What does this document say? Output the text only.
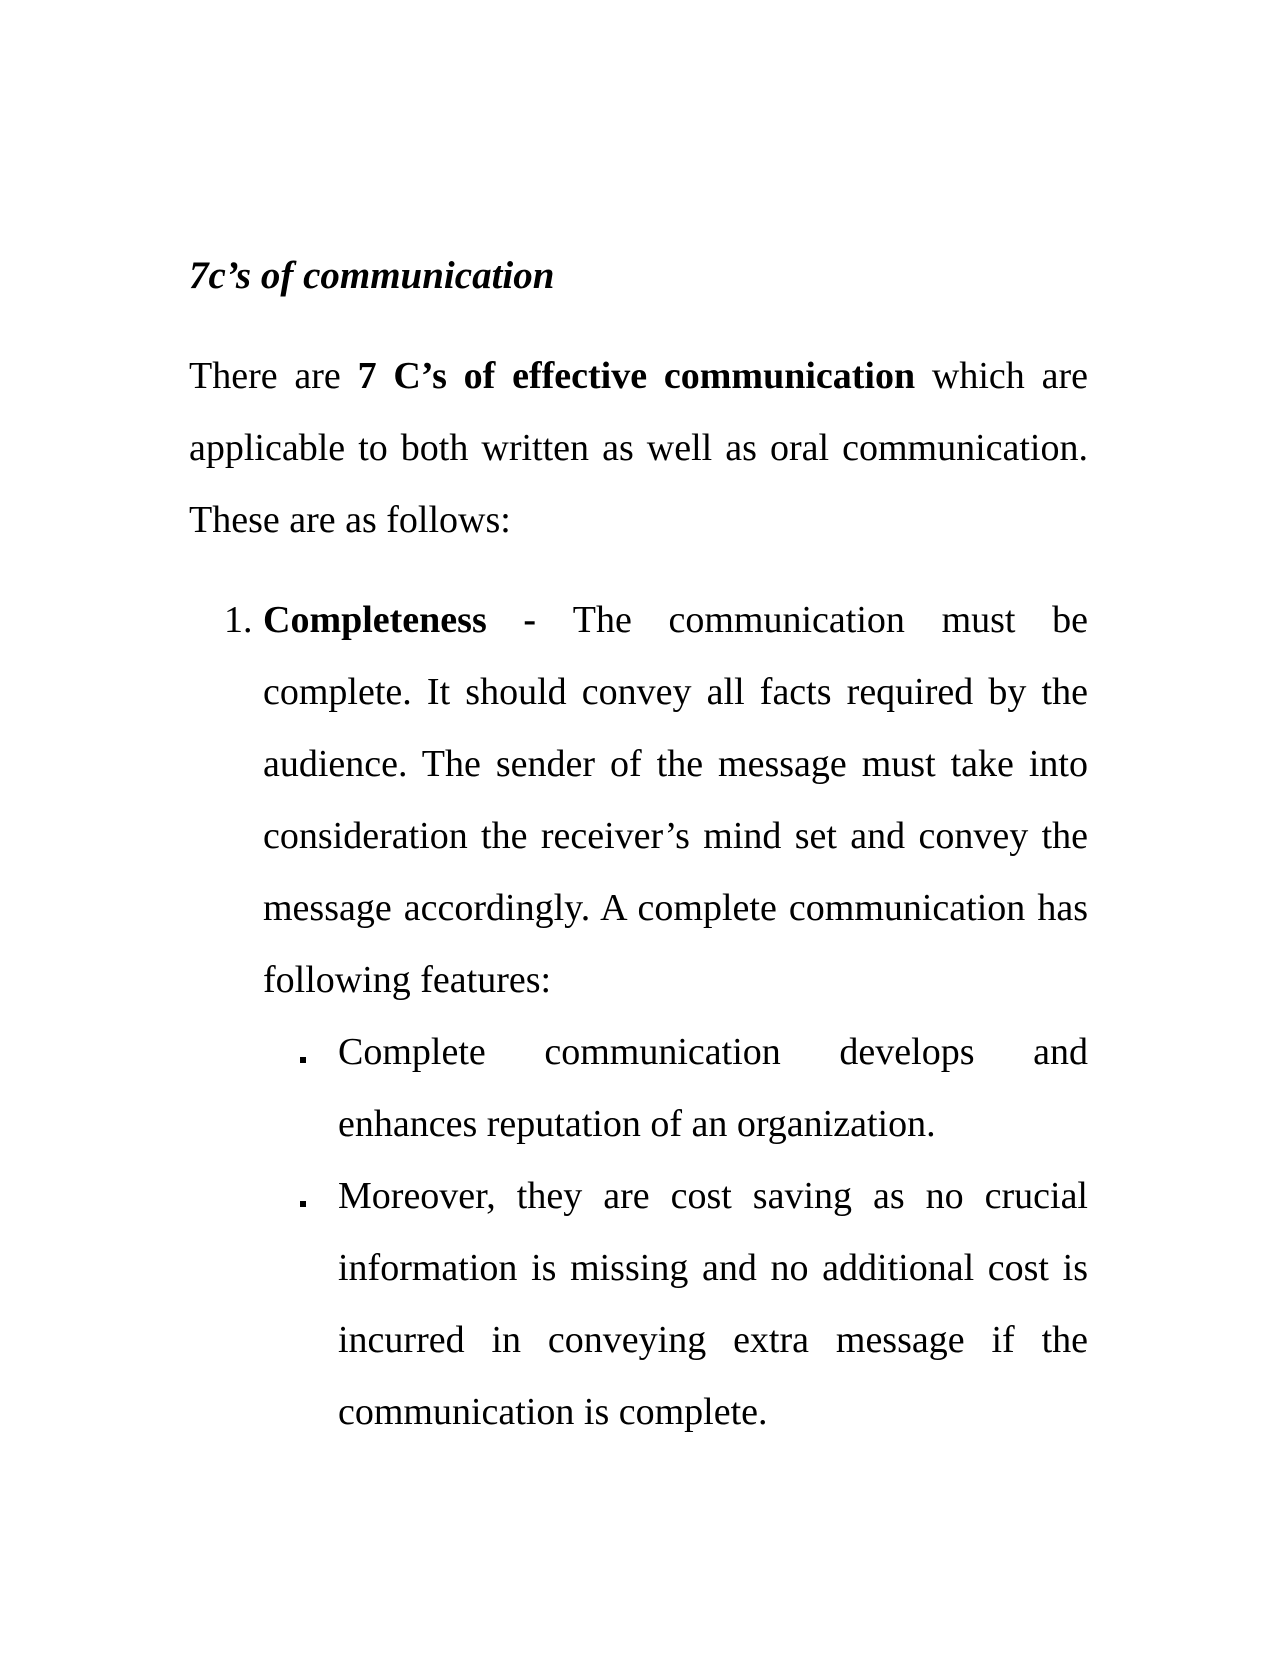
7c’s of communication

There are 7 C’s of effective communication which are applicable to both written as well as oral communication. These are as follows:

1. Completeness - The communication must be complete. It should convey all facts required by the audience. The sender of the message must take into consideration the receiver’s mind set and convey the message accordingly. A complete communication has following features:

Complete communication develops and enhances reputation of an organization.

Moreover, they are cost saving as no crucial information is missing and no additional cost is incurred in conveying extra message if the communication is complete.
